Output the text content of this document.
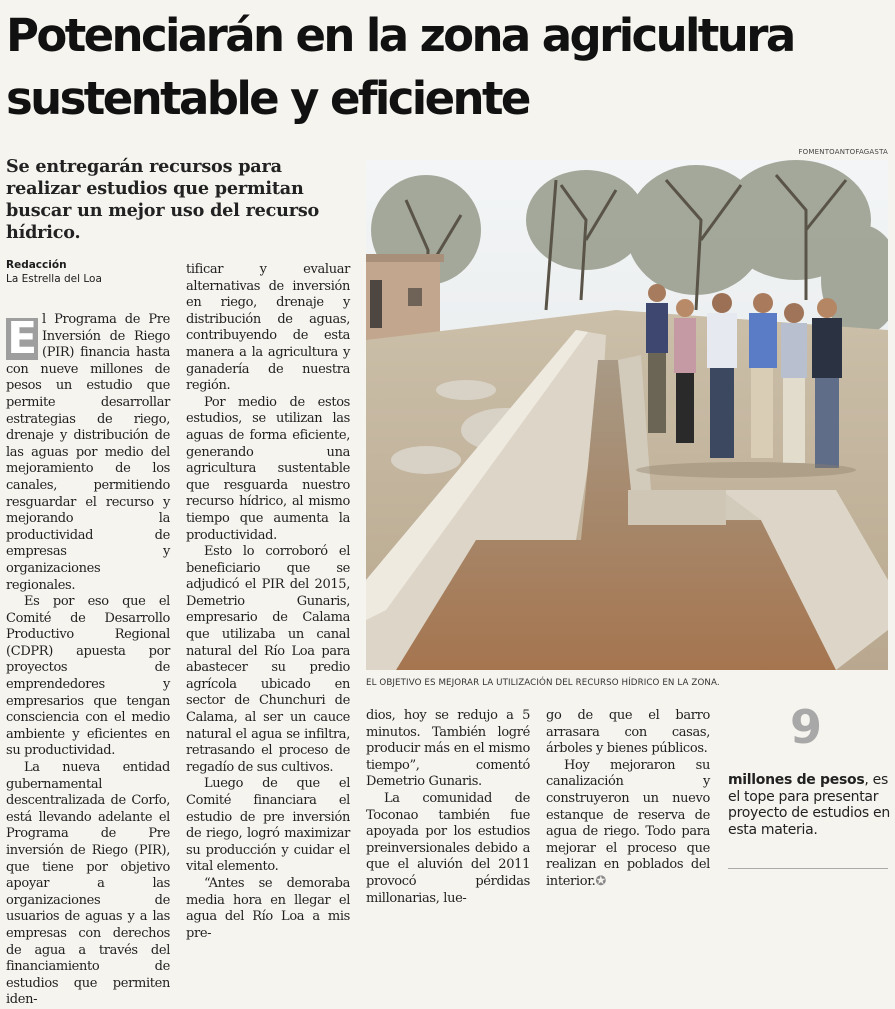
Potenciarán en la zona agricultura sustentable y eficiente
Se entregarán recursos para realizar estudios que permitan buscar un mejor uso del recurso hídrico.
Redacción
La Estrella del Loa

E l Programa de Pre Inversión de Riego (PIR) financia hasta con nueve millones de pesos un estudio que permite desarrollar estrategias de riego, drenaje y distribución de las aguas por medio del mejoramiento de los canales, permitiendo resguardar el recurso y mejorando la productividad de empresas y organizaciones regionales.

Es por eso que el Comité de Desarrollo Productivo Regional (CDPR) apuesta por proyectos de emprendedores y empresarios que tengan consciencia con el medio ambiente y eficientes en su productividad.

La nueva entidad gubernamental descentralizada de Corfo, está llevando adelante el Programa de Pre inversión de Riego (PIR), que tiene por objetivo apoyar a las organizaciones de usuarios de aguas y a las empresas con derechos de agua a través del financiamiento de estudios que permiten iden-

tificar y evaluar alternativas de inversión en riego, drenaje y distribución de aguas, contribuyendo de esta manera a la agricultura y ganadería de nuestra región.

Por medio de estos estudios, se utilizan las aguas de forma eficiente, generando una agricultura sustentable que resguarda nuestro recurso hídrico, al mismo tiempo que aumenta la productividad.

Esto lo corroboró el beneficiario que se adjudicó el PIR del 2015, Demetrio Gunaris, empresario de Calama que utilizaba un canal natural del Río Loa para abastecer su predio agrícola ubicado en sector de Chunchuri de Calama, al ser un cauce natural el agua se infiltra, retrasando el proceso de regadío de sus cultivos.

Luego de que el Comité financiara el estudio de pre inversión de riego, logró maximizar su producción y cuidar el vital elemento.

“Antes se demoraba media hora en llegar el agua del Río Loa a mis pre-

FOMENTOANTOFAGASTA
EL OBJETIVO ES MEJORAR LA UTILIZACIÓN DEL RECURSO HÍDRICO EN LA ZONA.

dios, hoy se redujo a 5 minutos. También logré producir más en el mismo tiempo”, comentó Demetrio Gunaris.

La comunidad de Toconao también fue apoyada por los estudios preinversionales debido a que el aluvión del 2011 provocó pérdidas millonarias, lue-

go de que el barro arrasara con casas, árboles y bienes públicos.

Hoy mejoraron su canalización y construyeron un nuevo estanque de reserva de agua de riego. Todo para mejorar el proceso que realizan en poblados del interior.✪

9
millones de pesos, es el tope para presentar proyecto de estudios en esta materia.
